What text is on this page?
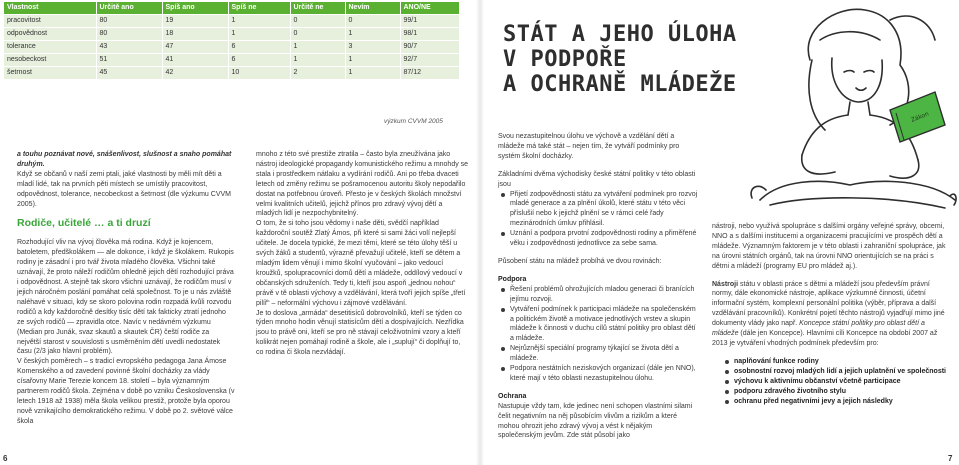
Vlastnost	Určitě ano	Spíš ano	Spíš ne	Určitě ne	Nevím	ANO/NE
pracovitost	80	19	1	0	0	99/1
odpovědnost	80	18	1	0	1	98/1
tolerance	43	47	6	1	3	90/7
nesobeckost	51	41	6	1	1	92/7
šetrnost	45	42	10	2	1	87/12
výzkum CVVM 2005

a touhu poznávat nové, snášenlivost, slušnost a snaho pomáhat druhým.

Když se občanů v naší zemi ptali, jaké vlastnosti by měli mít děti a mladí lidé, tak na prvních pěti místech se umístily pracovitost, odpovědnost, tolerance, necobeckost a šetrnost (dle výzkumu CVVM 2005).

Rodiče, učitelé … a ti druzí

Rozhodující vliv na vývoj člověka má rodina. Když je kojencem, batoletem, předškolákem — ale dokonce, i když je školákem. Rukopis rodiny je zásadní i pro tvář života mladého člověka. Všichni také uznávají, že proto náleží rodičům ohledně jejich dětí rozhodující práva i odpovědnost. A stejně tak skoro všichni uznávají, že rodičům musí v jejich náročném poslání pomáhat celá společnost. To je u nás zvláště naléhavé v situaci, kdy se skoro polovina rodin rozpadá kvůli rozvodu rodičů a kdy každoročně desítky tisíc dětí tak fakticky ztratí jednoho ze svých rodičů — zpravidla otce. Navíc v nedávném výzkumu (Median pro Junák, svaz skautů a skautek ČR) čeští rodiče za největší starost v souvislosti s usměrněním dětí uvedli nedostatek času (2/3 jako hlavní problém).

V českých poměrech – s tradicí evropského pedagoga Jana Ámose Komenského a od zavedení povinné školní docházky za vlády císařovny Marie Terezie koncem 18. století – byla významným partnerem rodičů škola. Zejména v době po vzniku Československa (v letech 1918 až 1938) měla škola velikou prestiž, protože byla oporou nově vznikajícího demokratického režimu. V době po 2. světové válce škola

mnoho z této své prestiže ztratila – často byla zneužívána jako nástroj ideologické propagandy komunistického režimu a mnohdy se stala i prostředkem nátlaku a vydírání rodičů. Ani po třeba dvaceti letech od změny režimu se pošramocenou autoritu školy nepodařilo dostat na potřebnou úroveň. Přesto je v českých školách množství velmi kvalitních učitelů, jejichž přínos pro zdravý vývoj dětí a mladých lidí je nezpochybnitelný.

O tom, že si toho jsou vědomy i naše děti, svědčí například každoroční soutěž Zlatý Ámos, při které si sami žáci volí nejlepší učitele. Je docela typické, že mezi těmi, které se této úlohy těší u svých žáků a studentů, výrazně převažují učitelé, kteří se dětem a mladým lidem věnují i mimo školní vyučování – jako vedoucí kroužků, spolupracovníci domů dětí a mládeže, oddílový vedoucí v občanských sdruženích. Tedy ti, kteří jsou aspoň „jednou nohou“ právě v tě oblasti výchovy a vzdělávání, která tvoří jejich spíše „třetí pilíř“ – neformální výchovu i zájmové vzdělávání.

Je to doslova „armáda“ desetitisíců dobrovolníků, kteří se týden co týden mnoho hodin věnují statisícům dětí a dospívajících. Nezřídka jsou to právě oni, kteří se pro ně stávají celoživotními vzory a kteří kolikrát nejen pomáhají rodině a škole, ale i „suplují“ či doplňují to, co rodina či škola nezvládají.

STÁT A JEHO ÚLOHA
V PODPOŘE
A OCHRANĚ MLÁDEŽE
Zákon

Svou nezastupitelnou úlohu ve výchově a vzdělání dětí a mládeže má také stát – nejen tím, že vytváří podmínky pro systém školní docházky.

Základními dvěma východisky české státní politiky v této oblasti jsou

Přijetí zodpovědnosti státu za vytváření podmínek pro rozvoj mladé generace a za plnění úkolů, které státu v této věci příslušií nebo k jejichž plnění se v rámci celé řady mezinárodních úmluv přihlásil.
Uznání a podpora prvotní zodpovědnosti rodiny a přiměřené věku i zodpovědnosti jednotlivce za sebe sama.

Působení státu na mládež probíhá ve dvou rovinách:

Podpora
Řešení problémů ohrožujících mladou generaci či branících jejímu rozvoji.
Vytváření podmínek k participaci mládeže na společenském a politickém životě a motivace jednotlivých vrstev a skupin mládeže k činnosti v duchu cílů státní politiky pro oblast dětí a mládeže.
Nejrůznější speciální programy týkající se života dětí a mládeže.
Podpora nestátních neziskových organizací (dále jen NNO), které mají v této oblasti nezastupitelnou úlohu.
Ochrana

Nastupuje vždy tam, kde jedinec není schopen vlastními silami čelit negativním na něj působícím vlivům a rizikům a které mohou ohrozit jeho zdravý vývoj a vést k nějakým společenským jevům. Zde stát působí jako

nástroji, nebo využívá spolupráce s dalšími orgány veřejné správy, obcemi, NNO a s dalšími institucemi a organizacemi pracujícími ve prospěch dětí a mládeže. Významným faktorem je v této oblasti i zahraniční spolupráce, jak na úrovni státních orgánů, tak na úrovni NNO orientujících se na práci s dětmi a mládeží (programy EU pro mládež aj.).

Nástroji státu v oblasti práce s dětmi a mládeží jsou především právní normy, dále ekonomické nástroje, aplikace výzkumné činnosti, účetní informační systém, komplexní personální politika (výběr, příprava a další vzdělávání pracovníků). Konkrétní pojetí těchto nástrojů vyjadřují mimo jiné dokumenty vlády jako např. Koncepce státní politiky pro oblast dětí a mládeže (dále jen Koncepce). Hlavními cíli Koncepce na období 2007 až 2013 je vytváření vhodných podmínek především pro:

naplňování funkce rodiny
osobnostní rozvoj mladých lidí a jejich uplatnění ve společnosti
výchovu k aktivnímu občanství včetně participace
podporu zdravého životního stylu
ochranu před negativními jevy a jejich následky
6	7
